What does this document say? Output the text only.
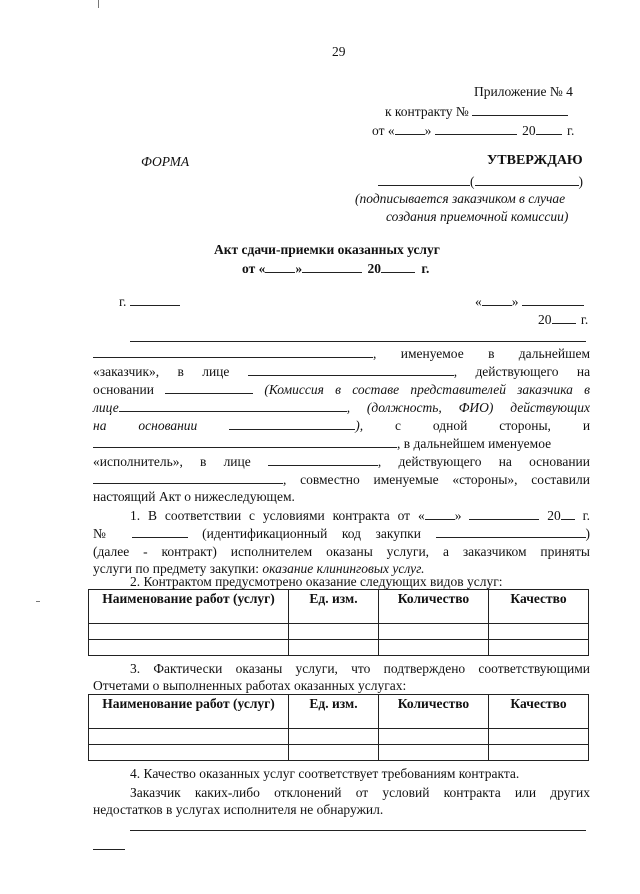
29
Приложение № 4
к контракту №
от « »	20 г.
ФОРМА	УТВЕРЖДАЮ
(	)
(подписывается заказчиком в случае
создания приемочной комиссии)
Акт сдачи-приемки оказанных услуг
от « »	20	г.
г.	« »
20 г.
, именуемое в дальнейшем
«заказчик», в лице	, действующего на
основании	(Комиссия в составе представителей заказчика в
лице	, (должность, ФИО) действующих
на основании	), с одной стороны, и
, в дальнейшем именуемое
«исполнитель», в лице	, действующего на основании
, совместно именуемые «стороны», составили
настоящий Акт о нижеследующем.
1. В соответствии с условиями контракта от « »	20 г.
№	(идентификационный код закупки	)
(далее - контракт) исполнителем оказаны услуги, а заказчиком приняты
услуги по предмету закупки: оказание клининговых услуг.
2. Контрактом предусмотрено оказание следующих видов услуг:
Наименование работ (услуг)	Ед. изм.	Количество	Качество

3. Фактически оказаны услуги, что подтверждено соответствующими
Отчетами о выполненных работах оказанных услугах:
Наименование работ (услуг)	Ед. изм.	Количество	Качество

4. Качество оказанных услуг соответствует требованиям контракта.
Заказчик каких-либо отклонений от условий контракта или других
недостатков в услугах исполнителя не обнаружил.
